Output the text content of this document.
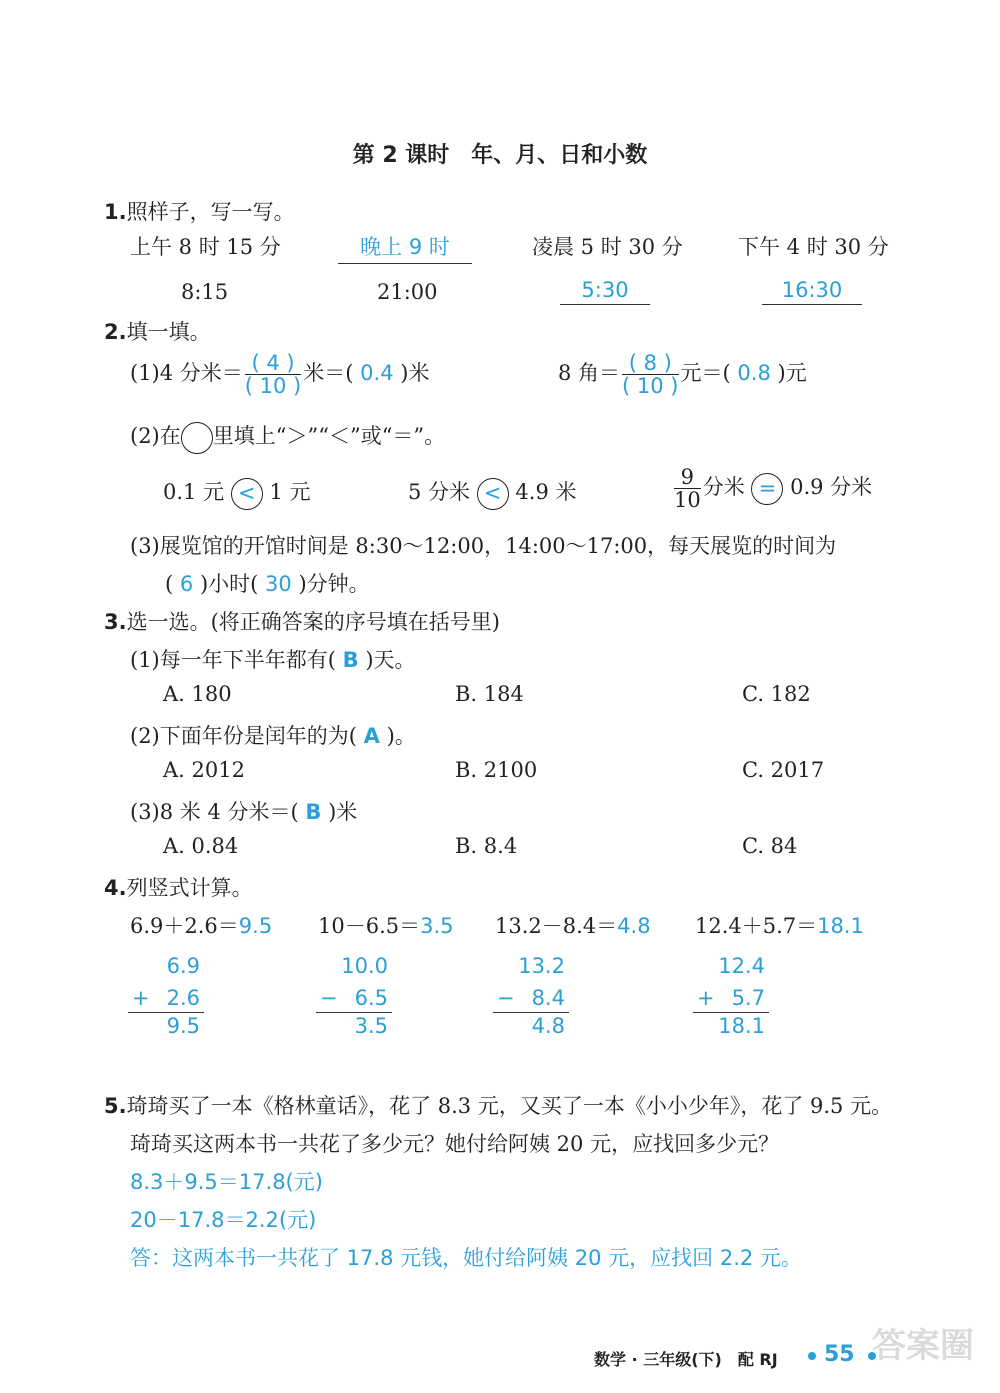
第 2 课时　年、月、日和小数
1.照样子，写一写。
上午 8 时 15 分	晚上 9 时	凌晨 5 时 30 分	下午 4 时 30 分
8:15	21:00	5:30	16:30
2.填一填。
(1)4 分米＝ $\frac{( 4 )}{( 10 )}$ 米＝( 0.4 )米	8 角＝ $\frac{( 8 )}{( 10 )}$ 元＝( 0.8 )元
(2)在 里填上“＞”“＜”或“＝”。
0.1 元 < 1 元	5 分米 < 4.9 米	$\frac{9}{10}$ 分米 = 0.9 分米
(3)展览馆的开馆时间是 8:30～12:00，14:00～17:00，每天展览的时间为
( 6 )小时( 30 )分钟。
3.选一选。(将正确答案的序号填在括号里)
(1)每一年下半年都有( B )天。
A. 180	B. 184	C. 182
(2)下面年份是闰年的为( A )。
A. 2012	B. 2100	C. 2017
(3)8 米 4 分米＝( B )米
A. 0.84	B. 8.4	C. 84
4.列竖式计算。
6.9＋2.6＝9.5 10－6.5＝3.5 13.2－8.4＝4.8 12.4＋5.7＝18.1
6.9
+ 2.6
9.5
10.0
− 6.5
3.5
13.2
− 8.4
4.8
12.4
+ 5.7
18.1
5.琦琦买了一本《格林童话》，花了 8.3 元，又买了一本《小小少年》，花了 9.5 元。
琦琦买这两本书一共花了多少元？她付给阿姨 20 元，应找回多少元？
8.3＋9.5＝17.8(元)
20－17.8＝2.2(元)
答：这两本书一共花了 17.8 元钱，她付给阿姨 20 元，应找回 2.2 元。
数学 · 三年级(下)　配 RJ 55 答案圈
